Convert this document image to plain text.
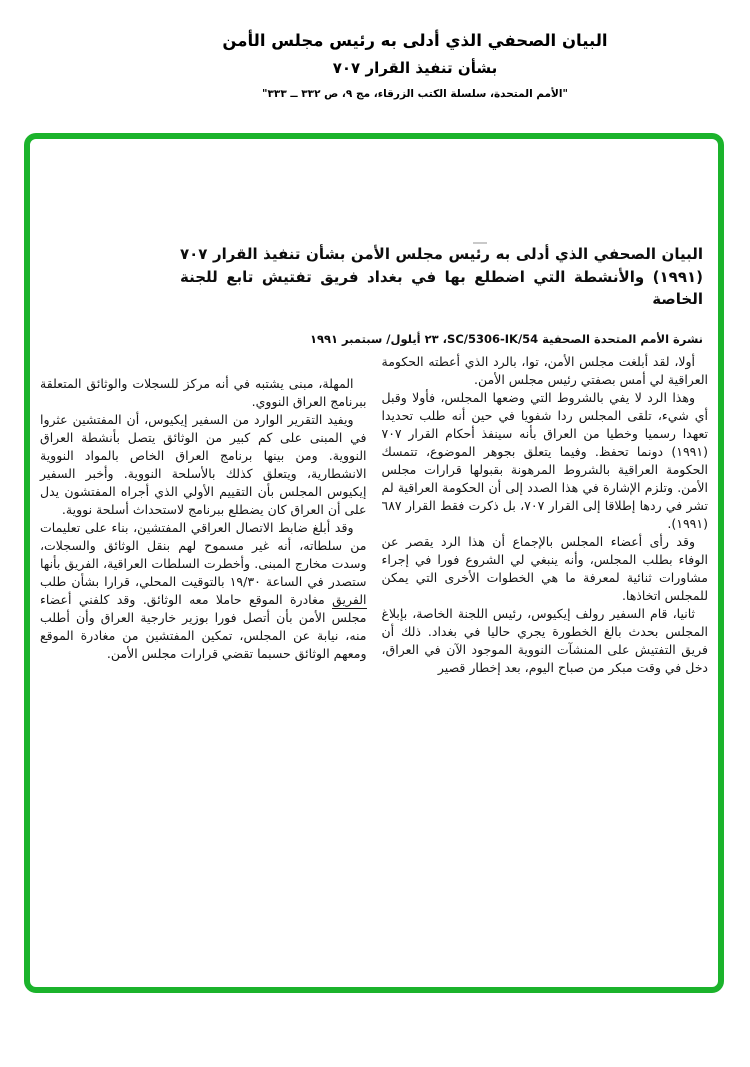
البيان الصحفي الذي أدلى به رئيس مجلس الأمن
بشأن تنفيذ القرار ٧٠٧
"الأمم المتحدة، سلسلة الكتب الزرقاء، مج ٩، ص ٣٣٢ ــ ٣٣٣"
البيان الصحفي الذي أدلى به رئيس مجلس الأمن بشأن تنفيذ القرار ٧٠٧ (١٩٩١) والأنشطة التي اضطلع بها في بغداد فريق تفتيش تابع للجنة الخاصة
نشرة الأمم المتحدة الصحفية SC/5306-IK/54، ٢٣ أيلول/ سبتمبر ١٩٩١

أولا، لقد أبلغت مجلس الأمن، توا، بالرد الذي أعطته الحكومة العراقية لي أمس بصفتي رئيس مجلس الأمن.

وهذا الرد لا يفي بالشروط التي وضعها المجلس، فأولا وقبل أي شيء، تلقى المجلس ردا شفويا في حين أنه طلب تحديدا تعهدا رسميا وخطيا من العراق بأنه سينفذ أحكام القرار ٧٠٧ (١٩٩١) دونما تحفظ. وفيما يتعلق بجوهر الموضوع، تتمسك الحكومة العراقية بالشروط المرهونة بقبولها قرارات مجلس الأمن. وتلزم الإشارة في هذا الصدد إلى أن الحكومة العراقية لم تشر في ردها إطلاقا إلى القرار ٧٠٧، بل ذكرت فقط القرار ٦٨٧ (١٩٩١).

وقد رأى أعضاء المجلس بالإجماع أن هذا الرد يقصر عن الوفاء بطلب المجلس، وأنه ينبغي لي الشروع فورا في إجراء مشاورات ثنائية لمعرفة ما هي الخطوات الأخرى التي يمكن للمجلس اتخاذها.

ثانيا، قام السفير رولف إيكيوس، رئيس اللجنة الخاصة، بإبلاغ المجلس بحدث بالغ الخطورة يجري حاليا في بغداد. ذلك أن فريق التفتيش على المنشآت النووية الموجود الآن في العراق، دخل في وقت مبكر من صباح اليوم، بعد إخطار قصير

المهلة، مبنى يشتبه في أنه مركز للسجلات والوثائق المتعلقة ببرنامج العراق النووي.

ويفيد التقرير الوارد من السفير إيكيوس، أن المفتشين عثروا في المبنى على كم كبير من الوثائق يتصل بأنشطة العراق النووية. ومن بينها برنامج العراق الخاص بالمواد النووية الانشطارية، ويتعلق كذلك بالأسلحة النووية. وأخبر السفير إيكيوس المجلس بأن التقييم الأولي الذي أجراه المفتشون يدل على أن العراق كان يضطلع ببرنامج لاستحداث أسلحة نووية.

وقد أبلغ ضابط الاتصال العراقي المفتشين، بناء على تعليمات من سلطاته، أنه غير مسموح لهم بنقل الوثائق والسجلات، وسدت مخارج المبنى. وأخطرت السلطات العراقية، الفريق بأنها ستصدر في الساعة ١٩/٣٠ بالتوقيت المحلي، قرارا بشأن طلب الفريق مغادرة الموقع حاملا معه الوثائق. وقد كلفني أعضاء مجلس الأمن بأن أتصل فورا بوزير خارجية العراق وأن أطلب منه، نيابة عن المجلس، تمكين المفتشين من مغادرة الموقع ومعهم الوثائق حسبما تقضي قرارات مجلس الأمن.
